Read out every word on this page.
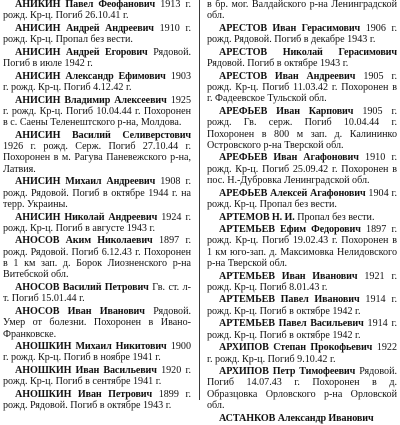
АНИКИН Павел Феофанович 1913 г. рожд. Кр-ц. Погиб 26.10.41 г.

АНИСИН Андрей Андреевич 1910 г. рожд. Кр-ц. Пропал без вести.

АНИСИН Андрей Егорович Рядовой. Погиб в июле 1942 г.

АНИСИН Александр Ефимович 1903 г. рожд. Кр-ц. Погиб 4.12.42 г.

АНИСИН Владимир Алексеевич 1925 г. рожд. Кр-ц. Погиб 10.04.44 г. Похоронен в с. Саены Теленештского р-на, Молдова.

АНИСИН Василий Селиверстович1926 г. рожд. Серж. Погиб 27.10.44 г. Похоронен в м. Рагува Паневежского р-на, Латвия.

АНИСИН Михаил Андреевич 1908 г. рожд. Рядовой. Погиб в октябре 1944 г. на терр. Украины.

АНИСИН Николай Андреевич 1924 г. рожд. Кр-ц. Погиб в августе 1943 г.

АНОСОВ Аким Николаевич 1897 г. рожд. Рядовой. Погиб 6.12.43 г. Похоронен в 1 км зап. д. Борок Лиозненского р-на Витебской обл.

АНОСОВ Василий Петрович Гв. ст. л-т. Погиб 15.01.44 г.

АНОСОВ Иван Иванович Рядовой. Умер от болезни. Похоронен в Ивано-Франковске.

АНОШКИН Михаил Никитович 1900 г. рожд. Кр-ц. Погиб в ноябре 1941 г.

АНОШКИН Иван Васильевич 1920 г. рожд. Кр-ц. Погиб в сентябре 1941 г.

АНОШКИН Иван Петрович 1899 г. рожд. Рядовой. Погиб в октябре 1943 г.

в бр. мог. Валдайского р-на Ленинградской обл.

АРЕСТОВ Иван Герасимович 1906 г. рожд. Рядовой. Погиб в декабре 1943 г.

АРЕСТОВ Николай ГерасимовичРядовой. Погиб в октябре 1943 г.

АРЕСТОВ Иван Андреевич 1905 г. рожд. Кр-ц. Погиб 11.03.42 г. Похоронен в г. Фадеевское Тульской обл.

АРЕФЬЕВ Иван Карпович 1905 г. рожд. Гв. серж. Погиб 10.04.44 г. Похоронен в 800 м зап. д. Калининко Островского р-на Тверской обл.

АРЕФЬЕВ Иван Агафонович 1910 г. рожд. Кр-ц. Погиб 25.09.42 г. Похоронен в пос. Н.-Дубровка Ленинградской обл.

АРЕФЬЕВ Алексей Агафонович 1904 г. рожд. Кр-ц. Пропал без вести.

АРТЕМОВ Н. И. Пропал без вести.

АРТЕМЬЕВ Ефим Федорович 1897 г. рожд. Кр-ц. Погиб 19.02.43 г. Похоронен в 1 км юго-зап. д. Максимовка Нелидовского р-на Тверской обл.

АРТЕМЬЕВ Иван Иванович 1921 г. рожд. Кр-ц. Погиб 8.01.43 г.

АРТЕМЬЕВ Павел Иванович 1914 г. рожд. Кр-ц. Погиб в октябре 1942 г.

АРТЕМЬЕВ Павел Васильевич 1914 г. рожд. Кр-ц. Погиб в октябре 1942 г.

АРХИПОВ Степан Прокофьевич 1922 г. рожд. Кр-ц. Погиб 9.10.42 г.

АРХИПОВ Петр Тимофеевич Рядовой. Погиб 14.07.43 г. Похоронен в д. Образцовка Орловского р-на Орловской обл.

АСТАНКОВ Александр Иванович
